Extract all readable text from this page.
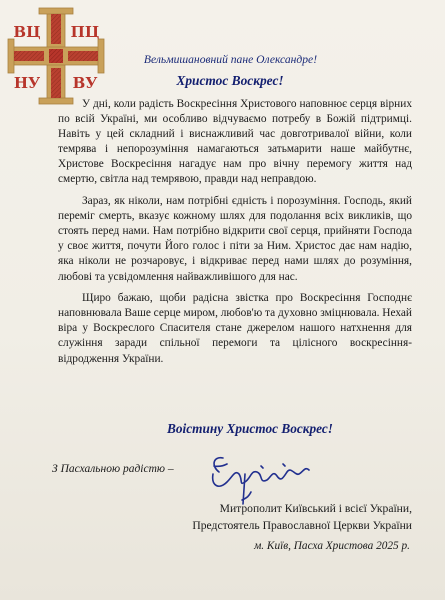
ВЦ ПЦ
НУ ВУ
Вельмишановний пане Олександре!
Христос Воскрес!

У дні, коли радість Воскресіння Христового наповнює серця вірних по всій Україні, ми особливо відчуваємо потребу в Божій підтримці. Навіть у цей складний і виснажливий час довготривалої війни, коли темрява і непорозуміння намагаються затьмарити наше майбутнє, Христове Воскресіння нагадує нам про вічну перемогу життя над смертю, світла над темрявою, правди над неправдою.

Зараз, як ніколи, нам потрібні єдність і порозуміння. Господь, який переміг смерть, вказує кожному шлях для подолання всіх викликів, що стоять перед нами. Нам потрібно відкрити свої серця, прийняти Господа у своє життя, почути Його голос і піти за Ним. Христос дає нам надію, яка ніколи не розчаровує, і відкриває перед нами шлях до розуміння, любові та усвідомлення найважливішого для нас.

Щиро бажаю, щоби радісна звістка про Воскресіння Господнє наповнювала Ваше серце миром, любов'ю та духовно зміцнювала. Нехай віра у Воскреслого Спасителя стане джерелом нашого натхнення для служіння заради спільної перемоги та цілісного воскресіння-відродження України.

Воістину Христос Воскрес!
З Пасхальною радістю –
Митрополит Київський і всієї України,
Предстоятель Православної Церкви України
м. Київ, Пасха Христова 2025 р.
